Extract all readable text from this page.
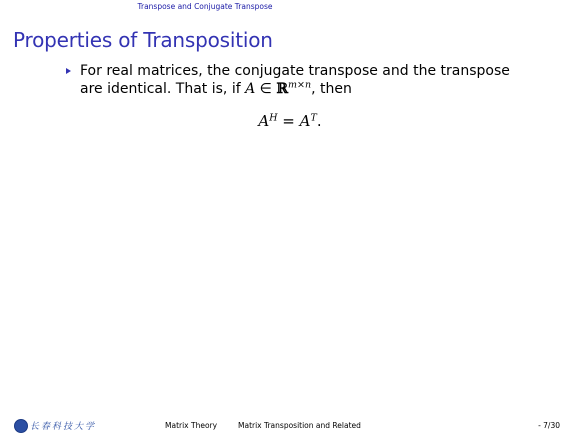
Transpose and Conjugate Transpose
Properties of Transposition
For real matrices, the conjugate transpose and the transpose
are identical. That is, if A ∈ ℝ$^{m\times n}$, then
$A^H = A^T$.
长春科技大学	Matrix Theory	Matrix Transposition and Related	- 7/30
